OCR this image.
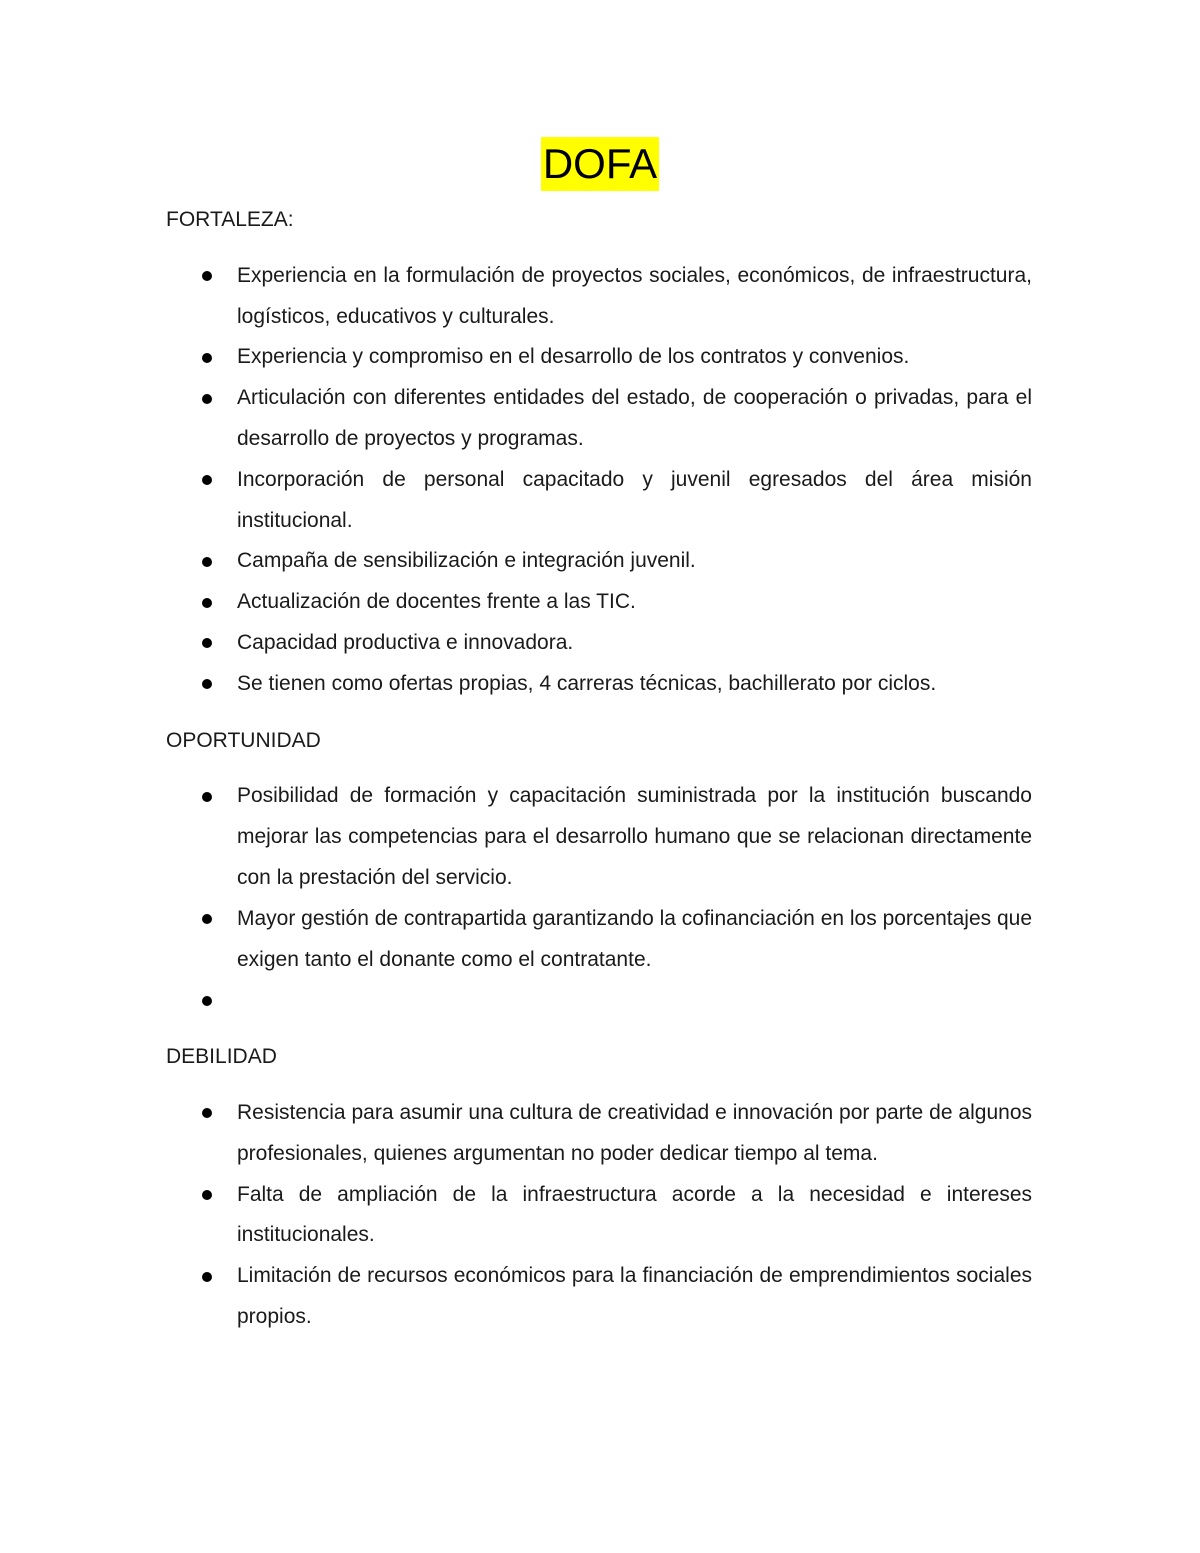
DOFA
FORTALEZA:
Experiencia en la formulación de proyectos sociales, económicos, de infraestructura, logísticos, educativos y culturales.
Experiencia y compromiso en el desarrollo de los contratos y convenios.
Articulación con diferentes entidades del estado, de cooperación o privadas, para el desarrollo de proyectos y programas.
Incorporación de personal capacitado y juvenil egresados del área misión institucional.
Campaña de sensibilización e integración juvenil.
Actualización de docentes frente a las TIC.
Capacidad productiva e innovadora.
Se tienen como ofertas propias, 4 carreras técnicas, bachillerato por ciclos.
OPORTUNIDAD
Posibilidad de formación y capacitación suministrada por la institución buscando mejorar las competencias para el desarrollo humano que se relacionan directamente con la prestación del servicio.
Mayor gestión de contrapartida garantizando la cofinanciación en los porcentajes que exigen tanto el donante como el contratante.
DEBILIDAD
Resistencia para asumir una cultura de creatividad e innovación por parte de algunos profesionales, quienes argumentan no poder dedicar tiempo al tema.
Falta de ampliación de la infraestructura acorde a la necesidad e intereses institucionales.
Limitación de recursos económicos para la financiación de emprendimientos sociales propios.
